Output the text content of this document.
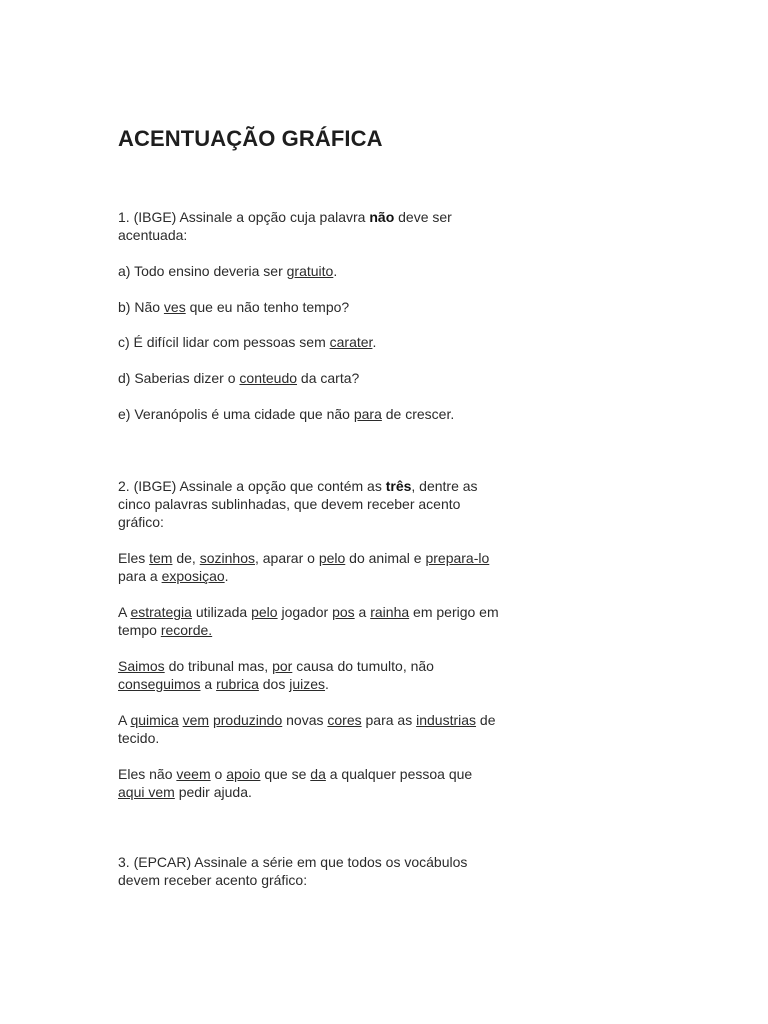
ACENTUAÇÃO GRÁFICA
1. (IBGE) Assinale a opção cuja palavra não deve ser
acentuada:
a) Todo ensino deveria ser gratuito.
b) Não ves que eu não tenho tempo?
c) É difícil lidar com pessoas sem carater.
d) Saberias dizer o conteudo da carta?
e) Veranópolis é uma cidade que não para de crescer.
2. (IBGE) Assinale a opção que contém as três, dentre as
cinco palavras sublinhadas, que devem receber acento
gráfico:
Eles tem de, sozinhos, aparar o pelo do animal e prepara-lo
para a exposiçao.
A estrategia utilizada pelo jogador pos a rainha em perigo em
tempo recorde.
Saimos do tribunal mas, por causa do tumulto, não
conseguimos a rubrica dos juizes.
A quimica vem produzindo novas cores para as industrias de
tecido.
Eles não veem o apoio que se da a qualquer pessoa que
aqui vem pedir ajuda.
3. (EPCAR) Assinale a série em que todos os vocábulos
devem receber acento gráfico:
